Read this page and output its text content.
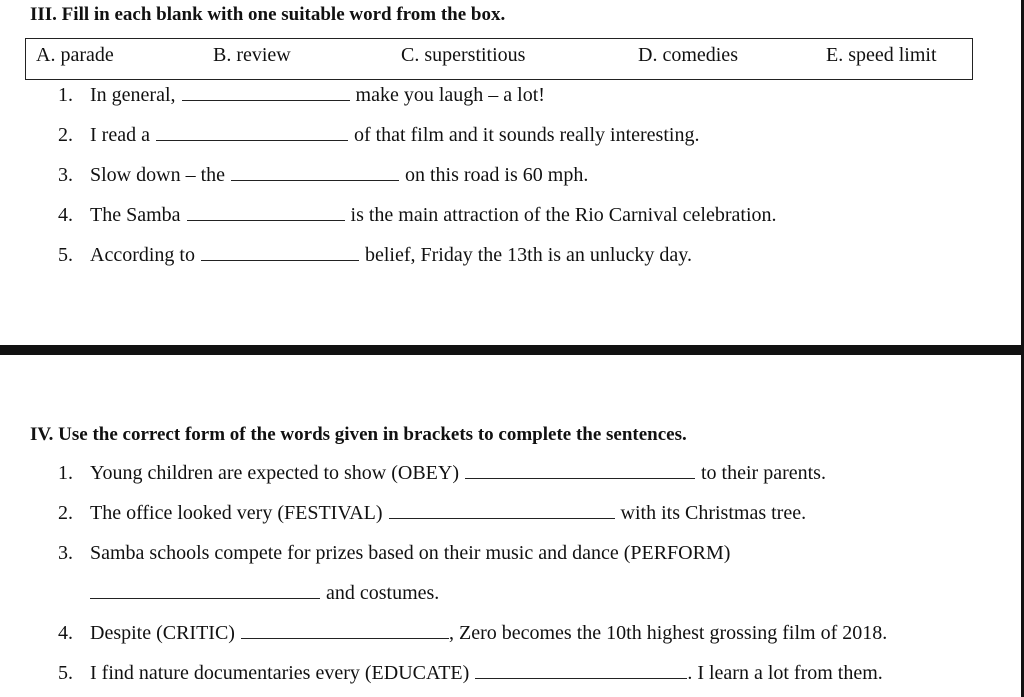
III. Fill in each blank with one suitable word from the box.
A. parade	B. review	C. superstitious	D. comedies	E. speed limit
1. In general,	make you laugh – a lot!
2. I read a	of that film and it sounds really interesting.
3. Slow down – the	on this road is 60 mph.
4. The Samba	is the main attraction of the Rio Carnival celebration.
5. According to	belief, Friday the 13th is an unlucky day.
IV. Use the correct form of the words given in brackets to complete the sentences.
1. Young children are expected to show (OBEY)	to their parents.
2. The office looked very (FESTIVAL)	with its Christmas tree.
3. Samba schools compete for prizes based on their music and dance (PERFORM)
and costumes.
4. Despite (CRITIC)	, Zero becomes the 10th highest grossing film of 2018.
5. I find nature documentaries every (EDUCATE)	. I learn a lot from them.
